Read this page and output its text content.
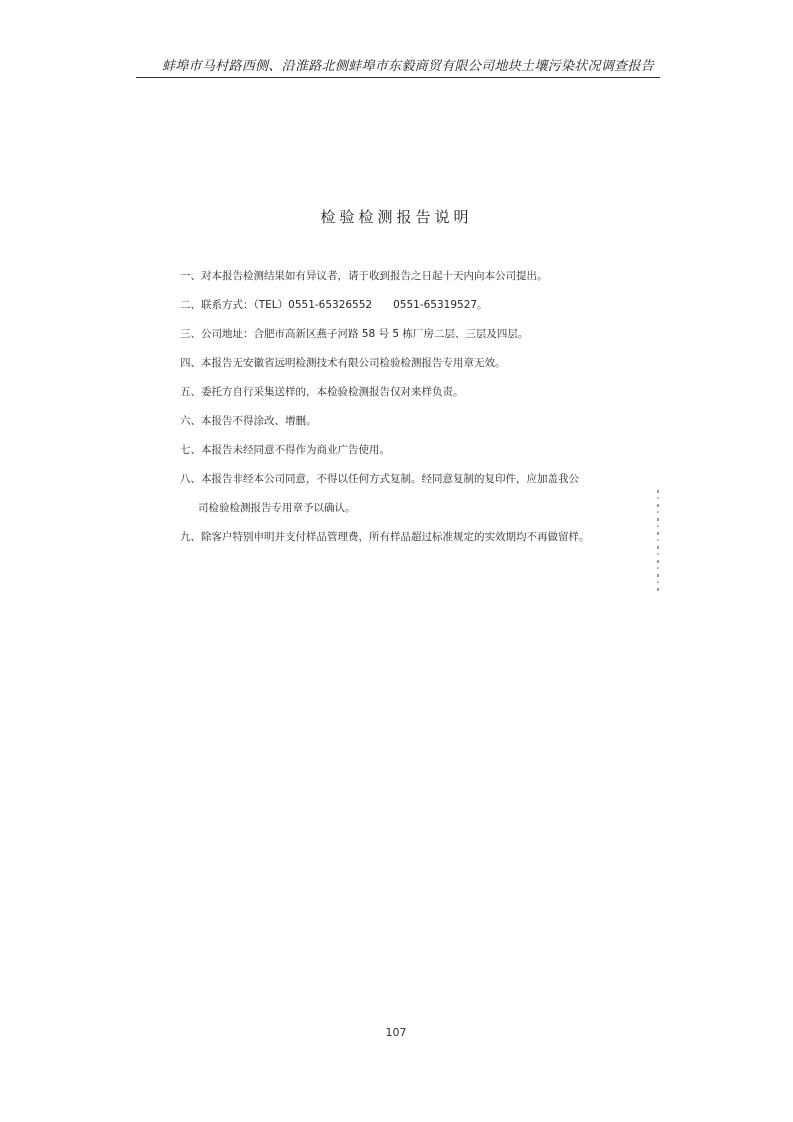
蚌埠市马村路西侧、沿淮路北侧蚌埠市东毅商贸有限公司地块土壤污染状况调查报告
检验检测报告说明
一、对本报告检测结果如有异议者，请于收到报告之日起十天内向本公司提出。
二、联系方式：（TEL）0551-65326552　　0551-65319527。
三、公司地址：合肥市高新区燕子河路 58 号 5 栋厂房二层、三层及四层。
四、本报告无安徽省远明检测技术有限公司检验检测报告专用章无效。
五、委托方自行采集送样的，本检验检测报告仅对来样负责。
六、本报告不得涂改、增删。
七、本报告未经同意不得作为商业广告使用。
八、本报告非经本公司同意，不得以任何方式复制。经同意复制的复印件，应加盖我公
司检验检测报告专用章予以确认。
九、除客户特别申明并支付样品管理费，所有样品超过标准规定的实效期均不再做留样。
107
